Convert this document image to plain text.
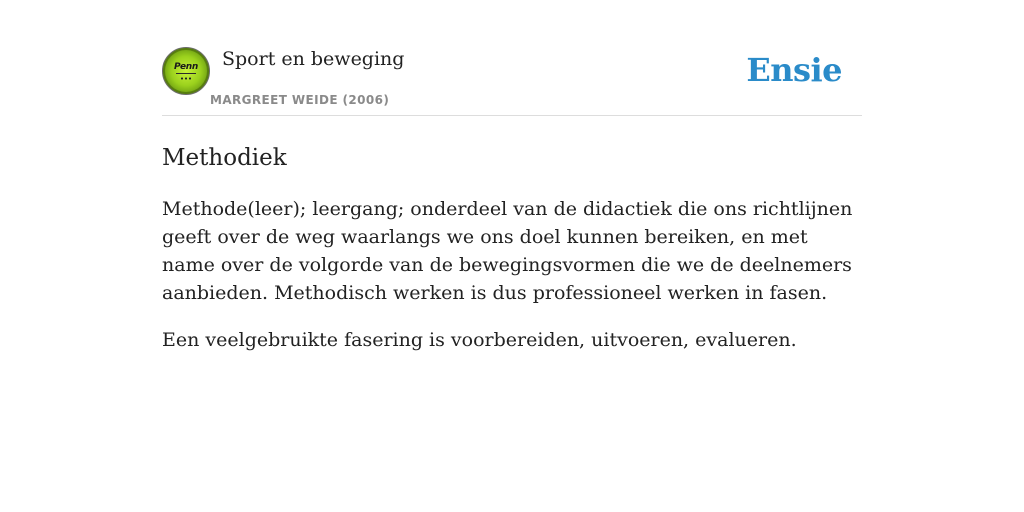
Penn Sport en beweging
MARGREET WEIDE (2006)
Ensie
Methodiek

Methode(leer); leergang; onderdeel van de didactiek die ons richtlijnen geeft over de weg waarlangs we ons doel kunnen bereiken, en met name over de volgorde van de bewegingsvormen die we de deelnemers aanbieden. Methodisch werken is dus professioneel werken in fasen.

Een veelgebruikte fasering is voorbereiden, uitvoeren, evalueren.
